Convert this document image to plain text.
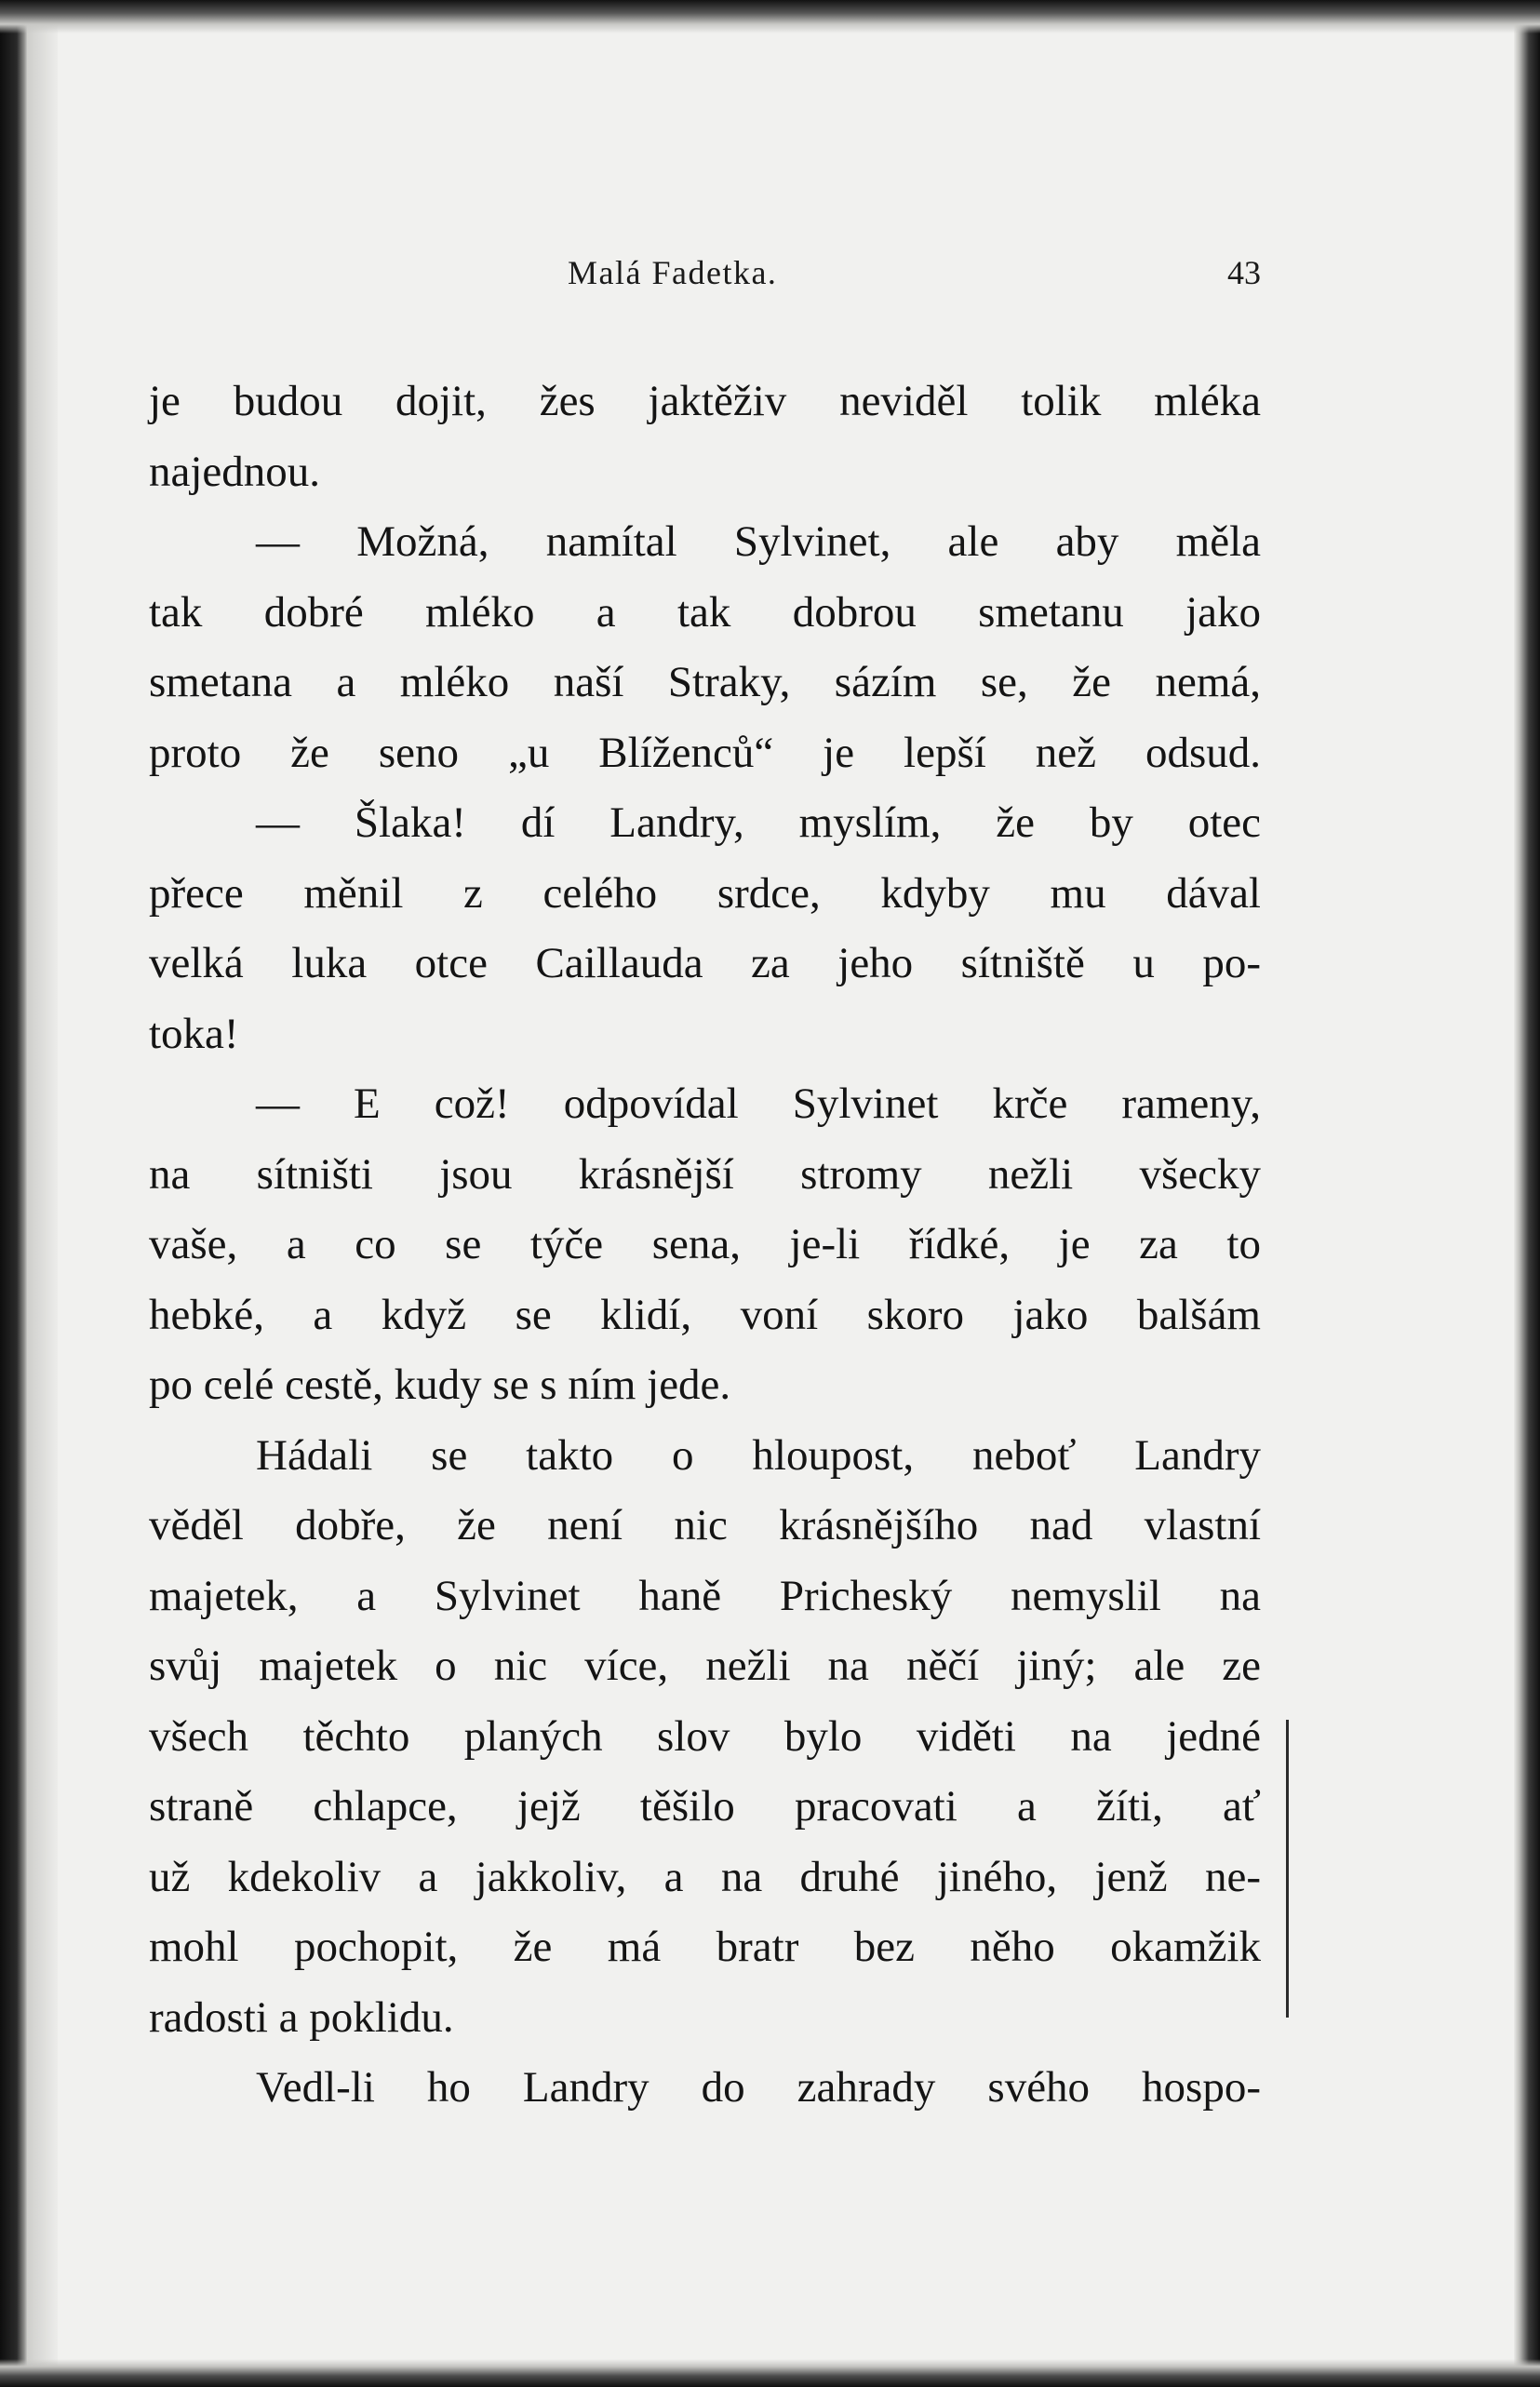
Malá Fadetka.	43
je budou dojit, žes jaktěživ neviděl tolik mléka
najednou.
— Možná, namítal Sylvinet, ale aby měla
tak dobré mléko a tak dobrou smetanu jako
smetana a mléko naší Straky, sázím se, že nemá,
proto že seno „u Blíženců“ je lepší než odsud.
— Šlaka! dí Landry, myslím, že by otec
přece měnil z celého srdce, kdyby mu dával
velká luka otce Caillauda za jeho sítniště u po-
toka!
— E což! odpovídal Sylvinet krče rameny,
na sítništi jsou krásnější stromy nežli všecky
vaše, a co se týče sena, je-li řídké, je za to
hebké, a když se klidí, voní skoro jako balšám
po celé cestě, kudy se s ním jede.
Hádali se takto o hloupost, neboť Landry
věděl dobře, že není nic krásnějšího nad vlastní
majetek, a Sylvinet haně Pricheský nemyslil na
svůj majetek o nic více, nežli na něčí jiný; ale ze
všech těchto planých slov bylo viděti na jedné
straně chlapce, jejž těšilo pracovati a žíti, ať
už kdekoliv a jakkoliv, a na druhé jiného, jenž ne-
mohl pochopit, že má bratr bez něho okamžik
radosti a poklidu.
Vedl-li ho Landry do zahrady svého hospo-
